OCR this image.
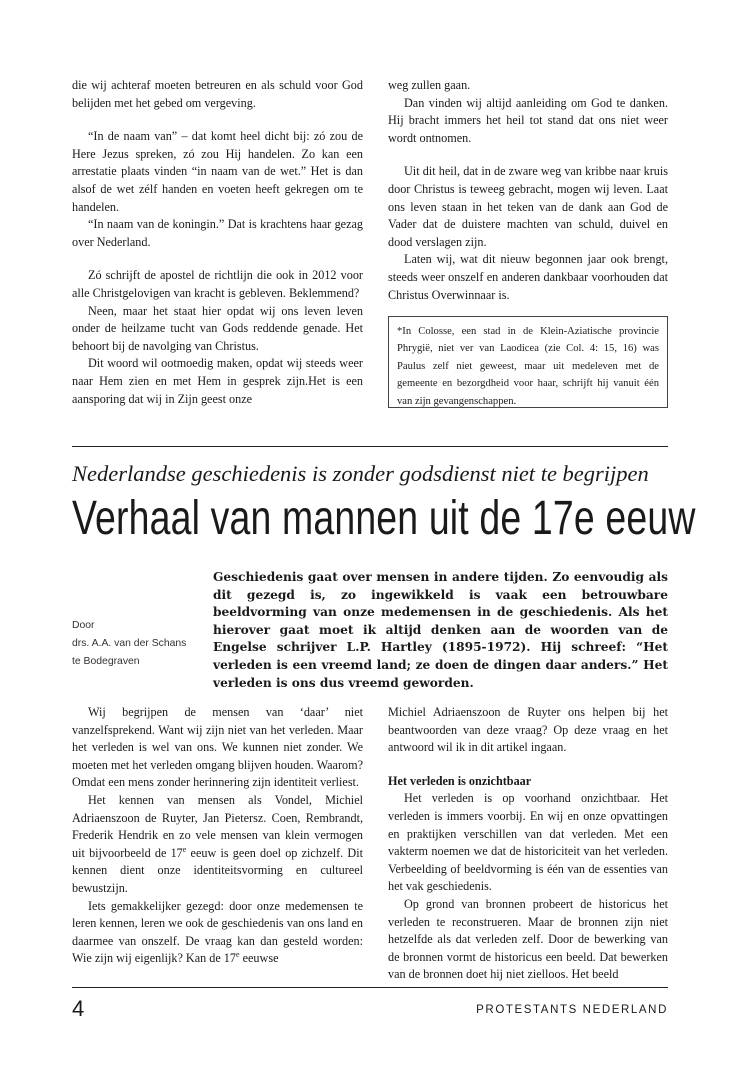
die wij achteraf moeten betreuren en als schuld voor God belijden met het gebed om vergeving.

“In de naam van” – dat komt heel dicht bij: zó zou de Here Jezus spreken, zó zou Hij handelen. Zo kan een arrestatie plaats vinden “in naam van de wet.” Het is dan alsof de wet zélf handen en voeten heeft gekregen om te handelen.

“In naam van de koningin.” Dat is krachtens haar gezag over Nederland.

Zó schrijft de apostel de richtlijn die ook in 2012 voor alle Christgelovigen van kracht is gebleven. Beklemmend?

Neen, maar het staat hier opdat wij ons leven leven onder de heilzame tucht van Gods reddende genade. Het behoort bij de navolging van Christus.

Dit woord wil ootmoedig maken, opdat wij steeds weer naar Hem zien en met Hem in gesprek zijn.Het is een aansporing dat wij in Zijn geest onze

weg zullen gaan.

Dan vinden wij altijd aanleiding om God te danken. Hij bracht immers het heil tot stand dat ons niet weer wordt ontnomen.

Uit dit heil, dat in de zware weg van kribbe naar kruis door Christus is teweeg gebracht, mogen wij leven. Laat ons leven staan in het teken van de dank aan God de Vader dat de duistere machten van schuld, duivel en dood verslagen zijn.

Laten wij, wat dit nieuw begonnen jaar ook brengt, steeds weer onszelf en anderen dankbaar voorhouden dat Christus Overwinnaar is.

*In Colosse, een stad in de Klein-Aziatische provincie Phrygië, niet ver van Laodicea (zie Col. 4: 15, 16) was Paulus zelf niet geweest, maar uit medeleven met de gemeente en bezorgdheid voor haar, schrijft hij vanuit één van zijn gevangenschappen.
Nederlandse geschiedenis is zonder godsdienst niet te begrijpen
Verhaal van mannen uit de 17e eeuw
Door
drs. A.A. van der Schans
te Bodegraven
Geschiedenis gaat over mensen in andere tijden. Zo eenvoudig als dit gezegd is, zo ingewikkeld is vaak een betrouwbare beeldvorming van onze medemensen in de geschiedenis. Als het hierover gaat moet ik altijd denken aan de woorden van de Engelse schrijver L.P. Hartley (1895-1972). Hij schreef: “Het verleden is een vreemd land; ze doen de dingen daar anders.” Het verleden is ons dus vreemd geworden.

Wij begrijpen de mensen van ‘daar’ niet vanzelfsprekend. Want wij zijn niet van het verleden. Maar het verleden is wel van ons. We kunnen niet zonder. We moeten met het verleden omgang blijven houden. Waarom? Omdat een mens zonder herinnering zijn identiteit verliest.

Het kennen van mensen als Vondel, Michiel Adriaenszoon de Ruyter, Jan Pietersz. Coen, Rembrandt, Frederik Hendrik en zo vele mensen van klein vermogen uit bijvoorbeeld de 17e eeuw is geen doel op zichzelf. Dit kennen dient onze identiteitsvorming en cultureel bewustzijn.

Iets gemakkelijker gezegd: door onze medemensen te leren kennen, leren we ook de geschiedenis van ons land en daarmee van onszelf. De vraag kan dan gesteld worden: Wie zijn wij eigenlijk? Kan de 17e eeuwse

Michiel Adriaenszoon de Ruyter ons helpen bij het beantwoorden van deze vraag? Op deze vraag en het antwoord wil ik in dit artikel ingaan.

Het verleden is onzichtbaar

Het verleden is op voorhand onzichtbaar. Het verleden is immers voorbij. En wij en onze opvattingen en praktijken verschillen van dat verleden. Met een vakterm noemen we dat de historiciteit van het verleden. Verbeelding of beeldvorming is één van de essenties van het vak geschiedenis.

Op grond van bronnen probeert de historicus het verleden te reconstrueren. Maar de bronnen zijn niet hetzelfde als dat verleden zelf. Door de bewerking van de bronnen vormt de historicus een beeld. Dat bewerken van de bronnen doet hij niet zielloos. Het beeld

4	PROTESTANTS NEDERLAND
